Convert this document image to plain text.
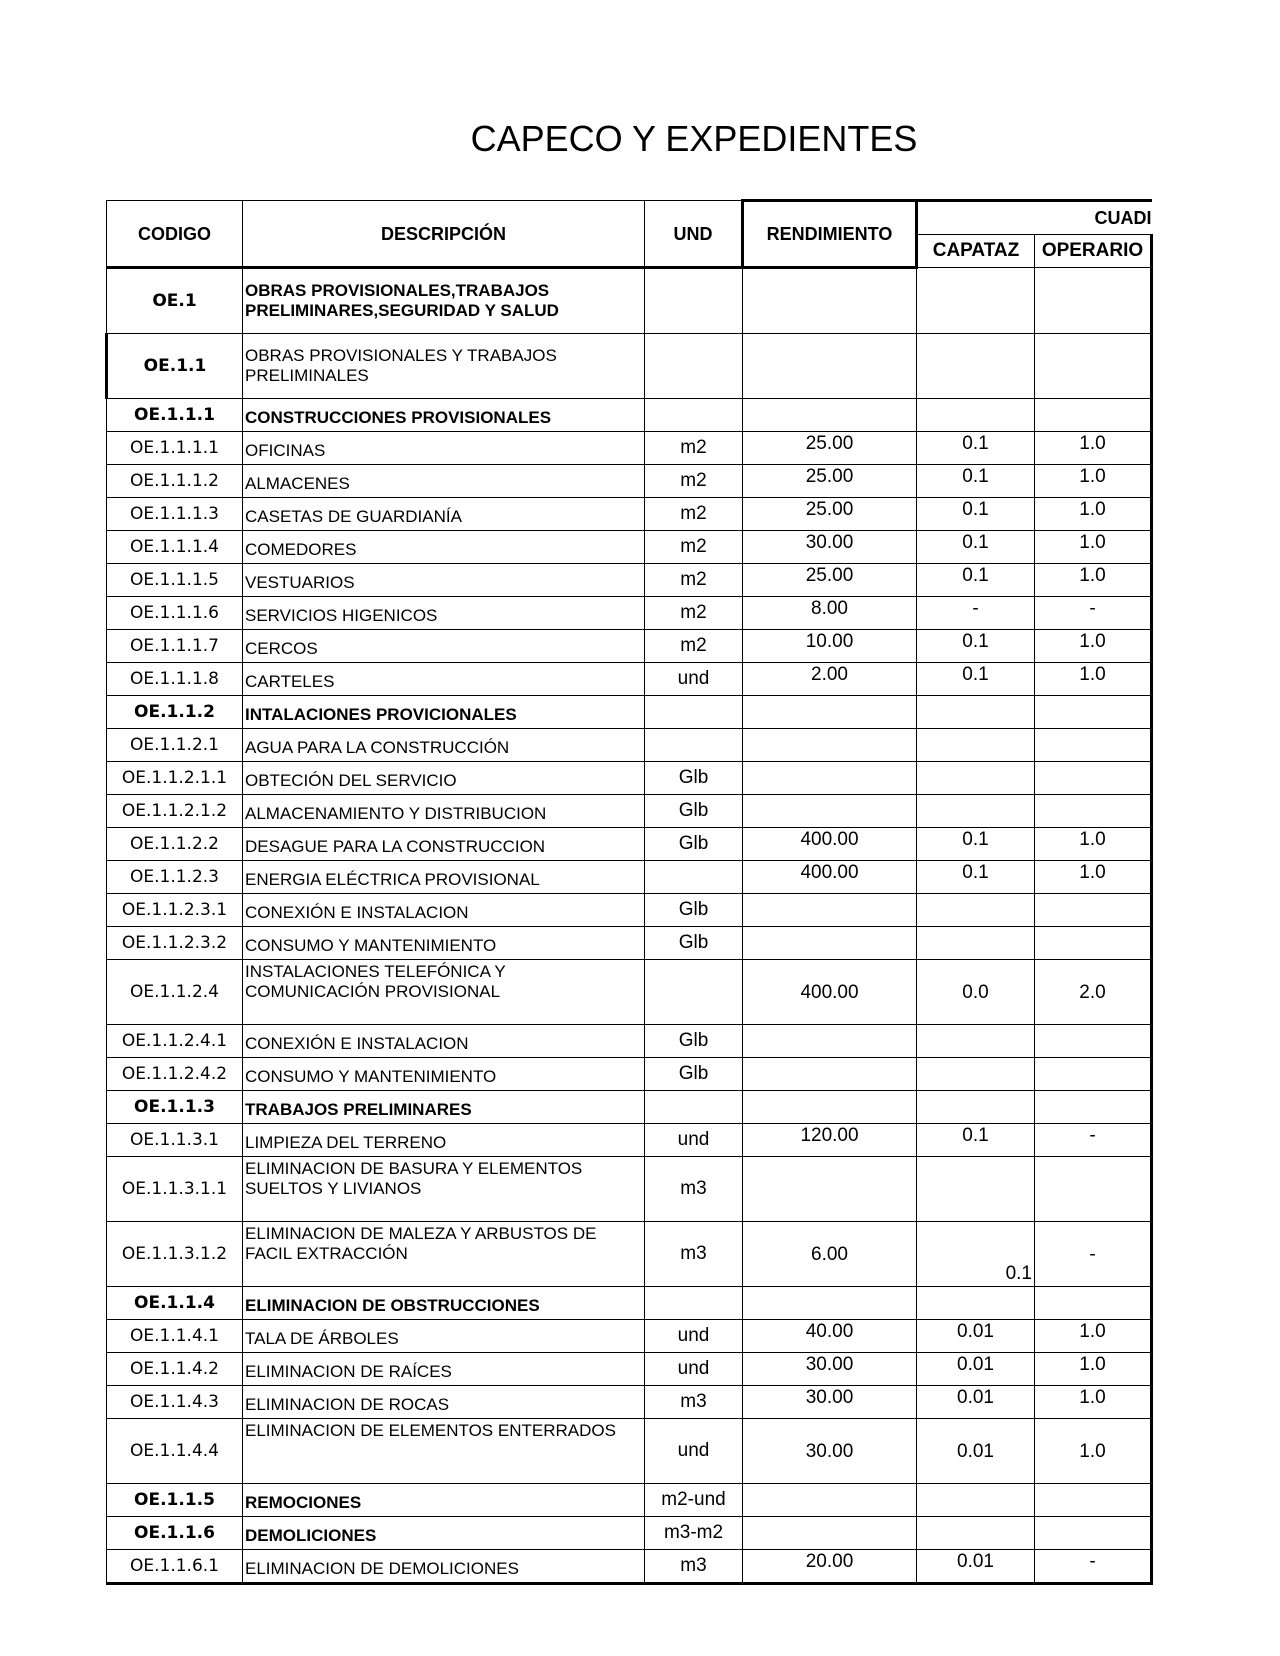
CAPECO Y EXPEDIENTES
CODIGO	DESCRIPCIÓN	UND	RENDIMIENTO	CUADI	
				CAPATAZ	OPERARIO
OE.1	OBRAS PROVISIONALES,TRABAJOS PRELIMINARES,SEGURIDAD Y SALUD				
OE.1.1	OBRAS PROVISIONALES Y TRABAJOS PRELIMINALES				
OE.1.1.1	CONSTRUCCIONES PROVISIONALES				
OE.1.1.1.1	OFICINAS	m2	25.00	0.1	1.0
OE.1.1.1.2	ALMACENES	m2	25.00	0.1	1.0
OE.1.1.1.3	CASETAS DE GUARDIANÍA	m2	25.00	0.1	1.0
OE.1.1.1.4	COMEDORES	m2	30.00	0.1	1.0
OE.1.1.1.5	VESTUARIOS	m2	25.00	0.1	1.0
OE.1.1.1.6	SERVICIOS HIGENICOS	m2	8.00	-	-
OE.1.1.1.7	CERCOS	m2	10.00	0.1	1.0
OE.1.1.1.8	CARTELES	und	2.00	0.1	1.0
OE.1.1.2	INTALACIONES PROVICIONALES				
OE.1.1.2.1	AGUA PARA LA CONSTRUCCIÓN				
OE.1.1.2.1.1	OBTECIÓN DEL SERVICIO	Glb			
OE.1.1.2.1.2	ALMACENAMIENTO Y DISTRIBUCION	Glb			
OE.1.1.2.2	DESAGUE PARA LA CONSTRUCCION	Glb	400.00	0.1	1.0
OE.1.1.2.3	ENERGIA ELÉCTRICA PROVISIONAL		400.00	0.1	1.0
OE.1.1.2.3.1	CONEXIÓN E INSTALACION	Glb			
OE.1.1.2.3.2	CONSUMO Y MANTENIMIENTO	Glb			
OE.1.1.2.4	INSTALACIONES TELEFÓNICA Y COMUNICACIÓN PROVISIONAL		400.00	0.0	2.0
OE.1.1.2.4.1	CONEXIÓN E INSTALACION	Glb			
OE.1.1.2.4.2	CONSUMO Y MANTENIMIENTO	Glb			
OE.1.1.3	TRABAJOS PRELIMINARES				
OE.1.1.3.1	LIMPIEZA DEL TERRENO	und	120.00	0.1	-
OE.1.1.3.1.1	ELIMINACION DE BASURA Y ELEMENTOS SUELTOS Y LIVIANOS	m3			
OE.1.1.3.1.2	ELIMINACION DE MALEZA Y ARBUSTOS DE FACIL EXTRACCIÓN	m3	6.00	0.1	-
OE.1.1.4	ELIMINACION DE OBSTRUCCIONES				
OE.1.1.4.1	TALA DE ÁRBOLES	und	40.00	0.01	1.0
OE.1.1.4.2	ELIMINACION DE RAÍCES	und	30.00	0.01	1.0
OE.1.1.4.3	ELIMINACION DE ROCAS	m3	30.00	0.01	1.0
OE.1.1.4.4	ELIMINACION DE ELEMENTOS ENTERRADOS	und	30.00	0.01	1.0
OE.1.1.5	REMOCIONES	m2-und			
OE.1.1.6	DEMOLICIONES	m3-m2			
OE.1.1.6.1	ELIMINACION DE DEMOLICIONES	m3	20.00	0.01	-
